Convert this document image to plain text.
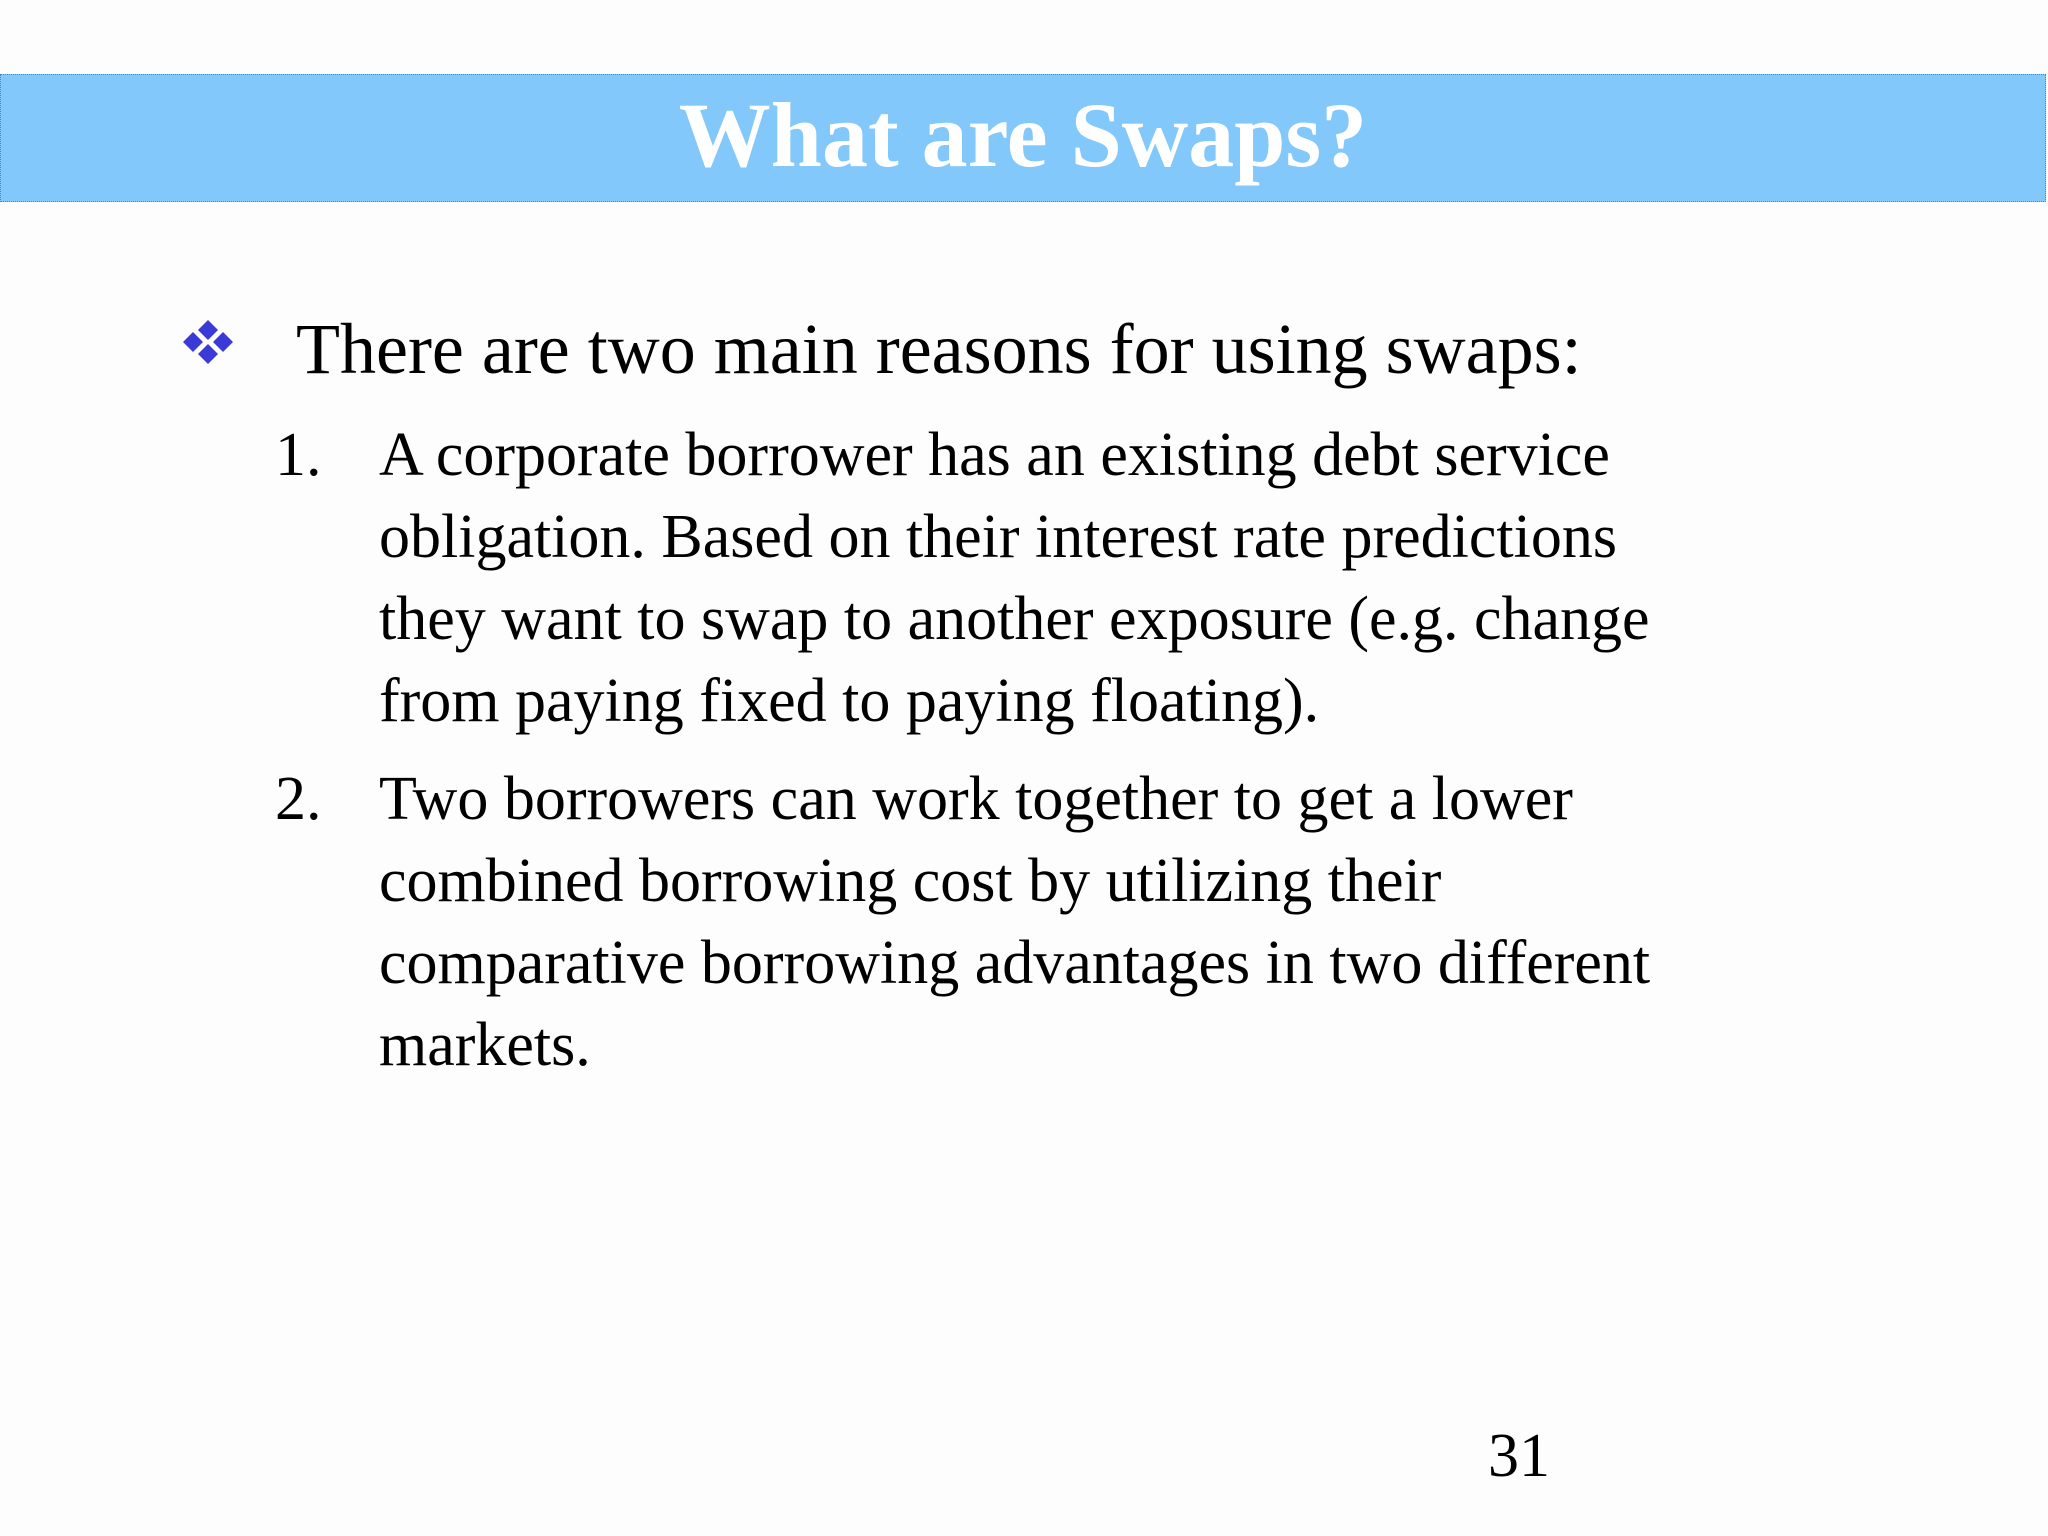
What are Swaps?
There are two main reasons for using swaps:
1. A corporate borrower has an existing debt service
obligation. Based on their interest rate predictions
they want to swap to another exposure (e.g. change
from paying fixed to paying floating).
2. Two borrowers can work together to get a lower
combined borrowing cost by utilizing their
comparative borrowing advantages in two different
markets.
31
